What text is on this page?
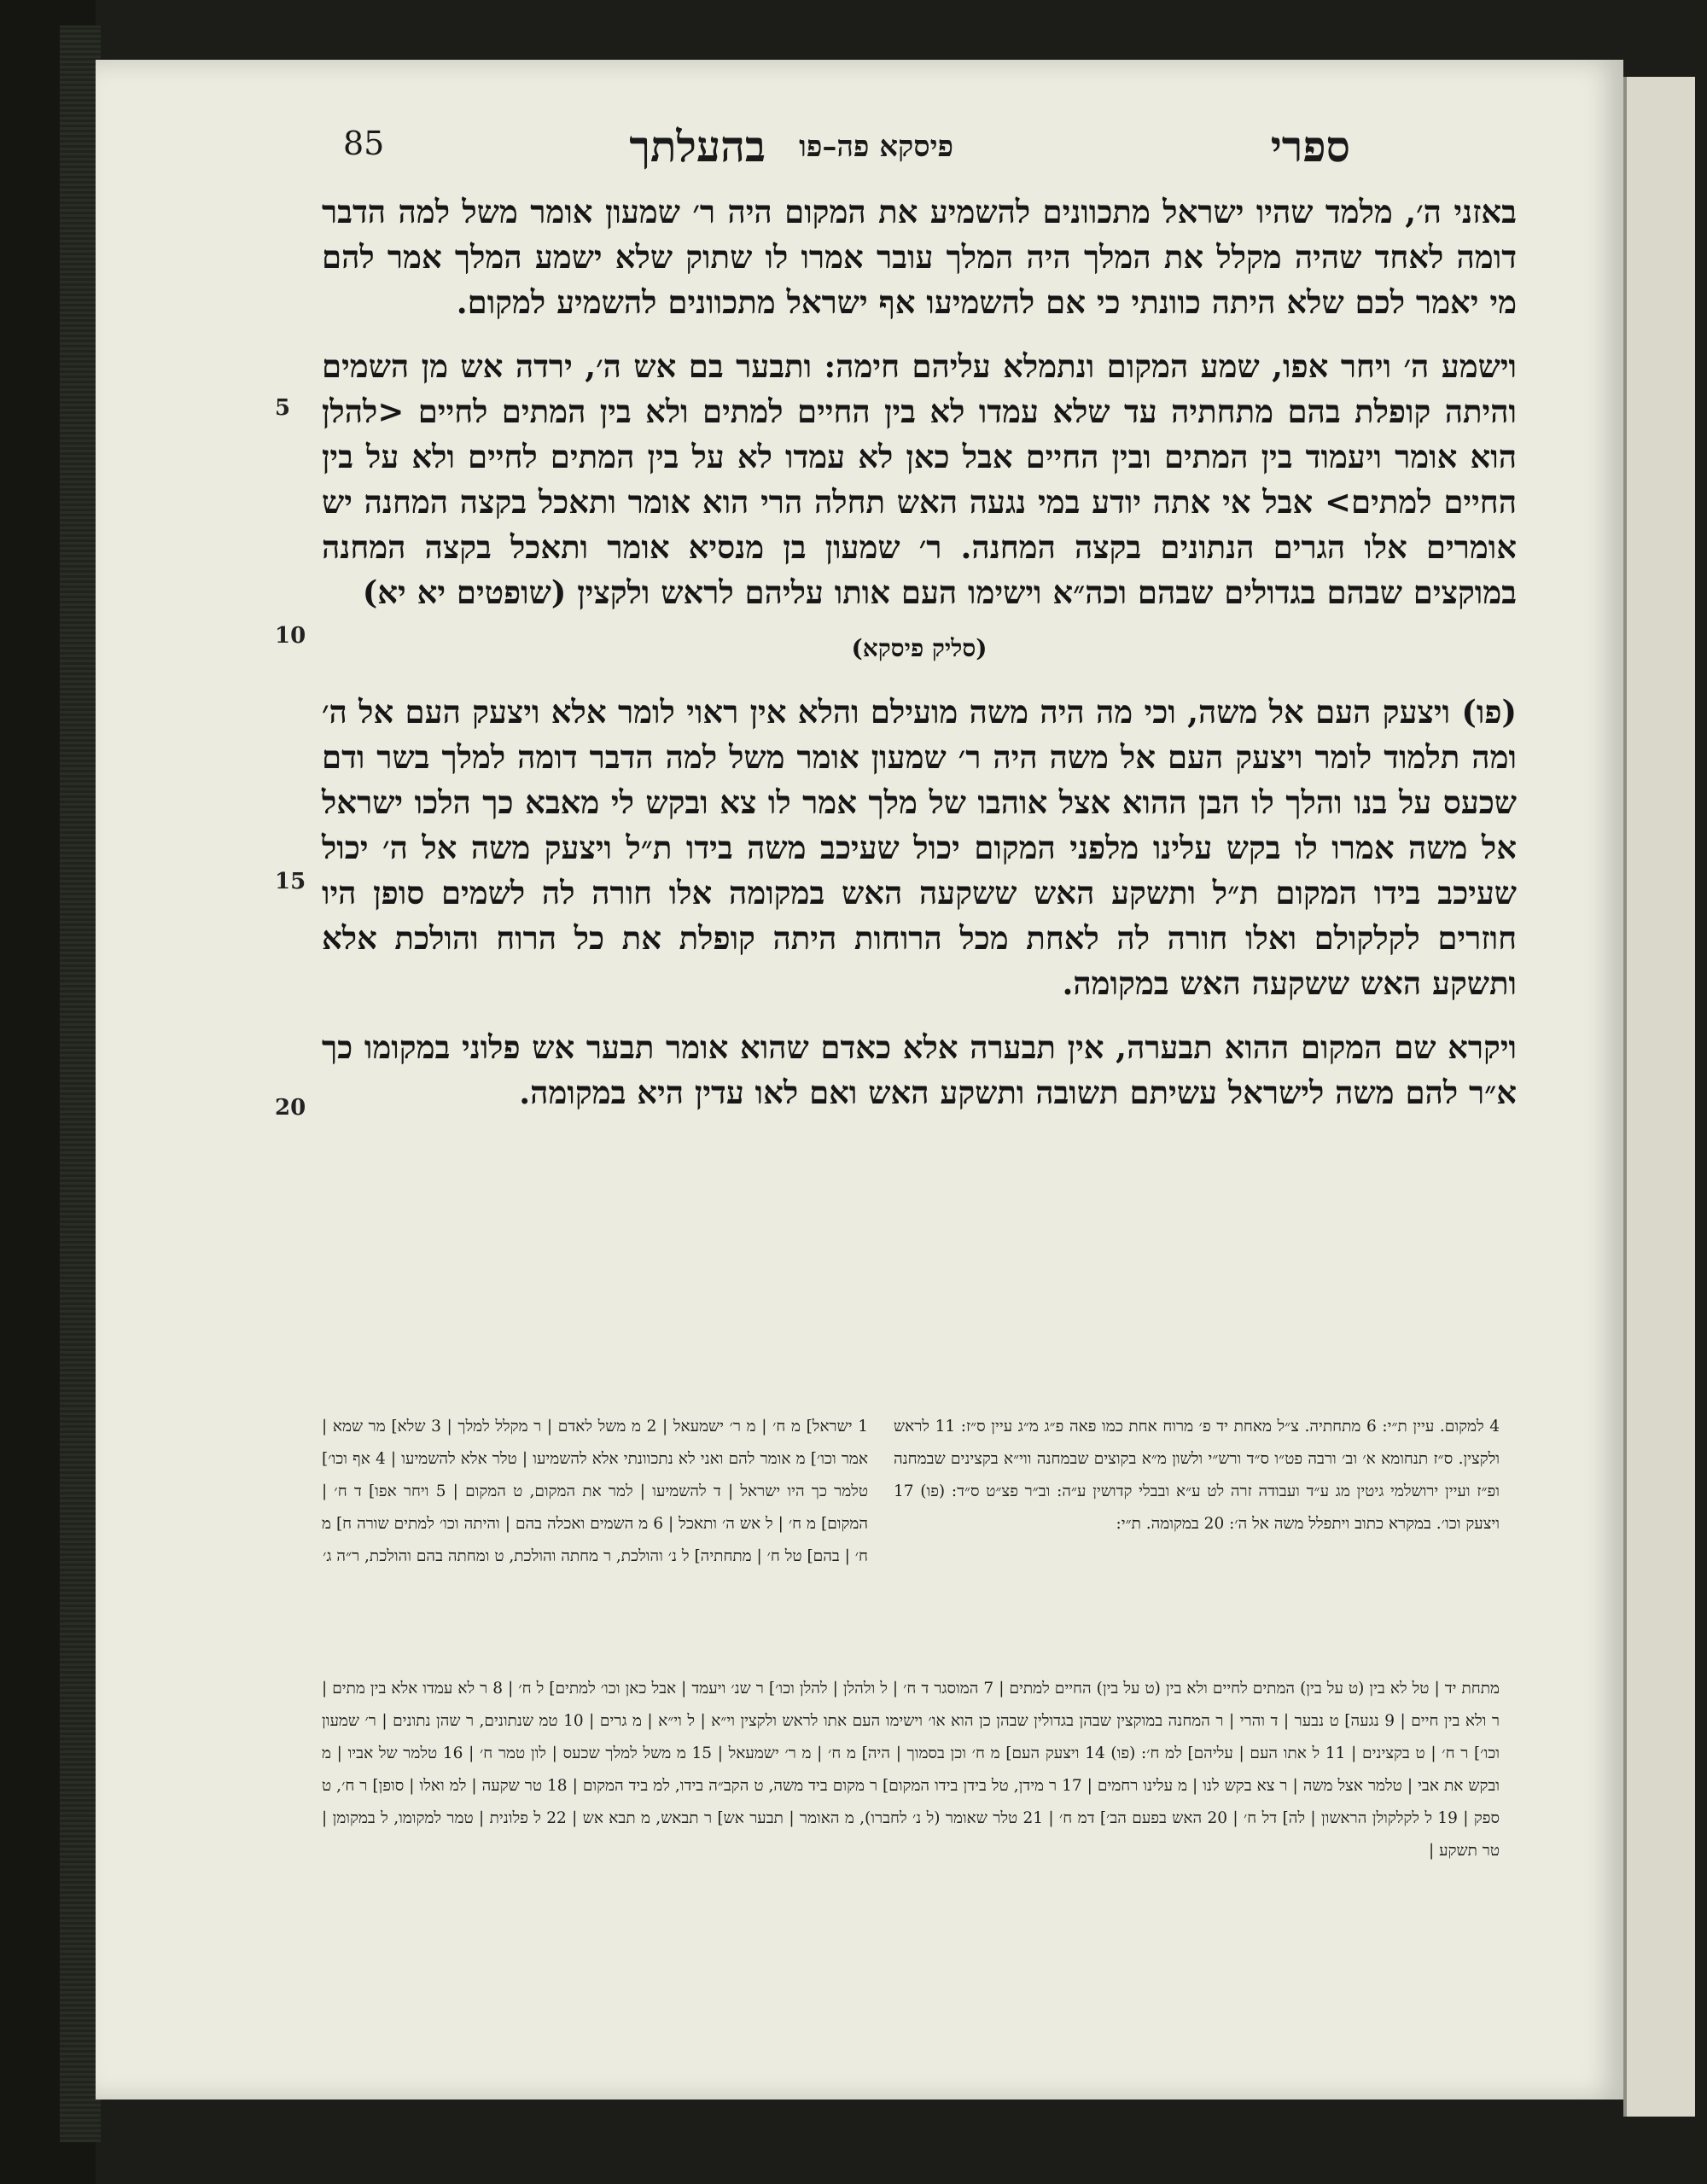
ספרי
פיסקא פה–פו
בהעלתך
85

באזני ה׳, מלמד שהיו ישראל מתכוונים להשמיע את המקום היה ר׳ שמעון אומר משל למה הדבר דומה לאחד שהיה מקלל את המלך היה המלך עובר אמרו לו שתוק שלא ישמע המלך אמר להם מי יאמר לכם שלא היתה כוונתי כי אם להשמיעו אף ישראל מתכוונים להשמיע למקום.

וישמע ה׳ ויחר אפו, שמע המקום ונתמלא עליהם חימה: ותבער בם אש ה׳, ירדה אש מן השמים והיתה קופלת בהם מתחתיה עד שלא עמדו לא בין החיים למתים ולא בין המתים לחיים <להלן הוא אומר ויעמוד בין המתים ובין החיים אבל כאן לא עמדו לא על בין המתים לחיים ולא על בין החיים למתים> אבל אי אתה יודע במי נגעה האש תחלה הרי הוא אומר ותאכל בקצה המחנה יש אומרים אלו הגרים הנתונים בקצה המחנה. ר׳ שמעון בן מנסיא אומר ותאכל בקצה המחנה במוקצים שבהם בגדולים שבהם וכה״א וישימו העם אותו עליהם לראש ולקצין (שופטים יא יא)

(סליק פיסקא)

(פו) ויצעק העם אל משה, וכי מה היה משה מועילם והלא אין ראוי לומר אלא ויצעק העם אל ה׳ ומה תלמוד לומר ויצעק העם אל משה היה ר׳ שמעון אומר משל למה הדבר דומה למלך בשר ודם שכעס על בנו והלך לו הבן ההוא אצל אוהבו של מלך אמר לו צא ובקש לי מאבא כך הלכו ישראל אל משה אמרו לו בקש עלינו מלפני המקום יכול שעיכב משה בידו ת״ל ויצעק משה אל ה׳ יכול שעיכב בידו המקום ת״ל ותשקע האש ששקעה האש במקומה אלו חורה לה לשמים סופן היו חוזרים לקלקולם ואלו חורה לה לאחת מכל הרוחות היתה קופלת את כל הרוח והולכת אלא ותשקע האש ששקעה האש במקומה.

ויקרא שם המקום ההוא תבערה, אין תבערה אלא כאדם שהוא אומר תבער אש פלוני במקומו כך א״ר להם משה לישראל עשיתם תשובה ותשקע האש ואם לאו עדין היא במקומה.

5
10
15
20
4 למקום. עיין ת״י: 6 מתחתיה. צ״ל מאחת יד פ׳ מרוח אחת כמו פאה פ״ג מ״ג עיין ס״ז: 11 לראש ולקצין. ס״ז תנחומא א׳ וב׳ ורבה פט״ו ס״ד ורש״י ולשון מ״א בקוצים שבמחנה ווי״א בקצינים שבמחנה ופ״ז ועיין ירושלמי גיטין מג ע״ד ועבודה זרה לט ע״א ובבלי קדושין ע״ה: וב״ר פצ״ט ס״ד: (פו) 17 ויצעק וכו׳. במקרא כתוב ויתפלל משה אל ה׳: 20 במקומה. ת״י:
1 ישראל] מ ח׳ | מ ר׳ ישמעאל | 2 מ משל לאדם | ר מקלל למלך | 3 שלא] מר שמא | אמר וכו׳] מ אומר להם ואני לא נתכוונתי אלא להשמיעו | טלר אלא להשמיעו | 4 אף וכו׳] טלמר כך היו ישראל | ד להשמיעו | למר את המקום, ט המקום | 5 ויחר אפו] ד ח׳ | המקום] מ ח׳ | ל אש ה׳ ותאכל | 6 מ השמים ואכלה בהם | והיתה וכו׳ למתים שורה ח] מ ח׳ | בהם] טל ח׳ | מתחתיה] ל נ׳ והולכת, ר מחתה והולכת, ט ומחתה בהם והולכת, ר״ה ג׳
מתחת יד | טל לא בין (ט על בין) המתים לחיים ולא בין (ט על בין) החיים למתים | 7 המוסגר ד ח׳ | ל ולהלן | להלן וכו׳] ר שנ׳ ויעמד | אבל כאן וכו׳ למתים] ל ח׳ | 8 ר לא עמדו אלא בין מתים | ר ולא בין חיים | 9 נגעה] ט נבער | ד והרי | ר המחנה במוקצין שבהן בגדולין שבהן כן הוא או׳ וישימו העם אתו לראש ולקצין וי״א | ל וי״א | מ גרים | 10 טמ שנתונים, ר שהן נתונים | ר׳ שמעון וכו׳] ר ח׳ | ט בקצינים | 11 ל אתו העם | עליהם] למ ח׳: (פו) 14 ויצעק העם] מ ח׳ וכן בסמוך | היה] מ ח׳ | מ ר׳ ישמעאל | 15 מ משל למלך שכעס | לון טמר ח׳ | 16 טלמר של אביו | מ ובקש את אבי | טלמר אצל משה | ר צא בקש לנו | מ עלינו רחמים | 17 ר מידן, טל בידן בידו המקום] ר מקום ביד משה, ט הקב״ה בידו, למ ביד המקום | 18 טר שקעה | למ ואלו | סופן] ר ח׳, ט ספק | 19 ל לקלקולן הראשון | לה] דל ח׳ | 20 האש בפעם הב׳] דמ ח׳ | 21 טלר שאומר (ל נ׳ לחברו), מ האומר | תבער אש] ר תבאש, מ תבא אש | 22 ל פלונית | טמר למקומו, ל במקומן | טר תשקע |
